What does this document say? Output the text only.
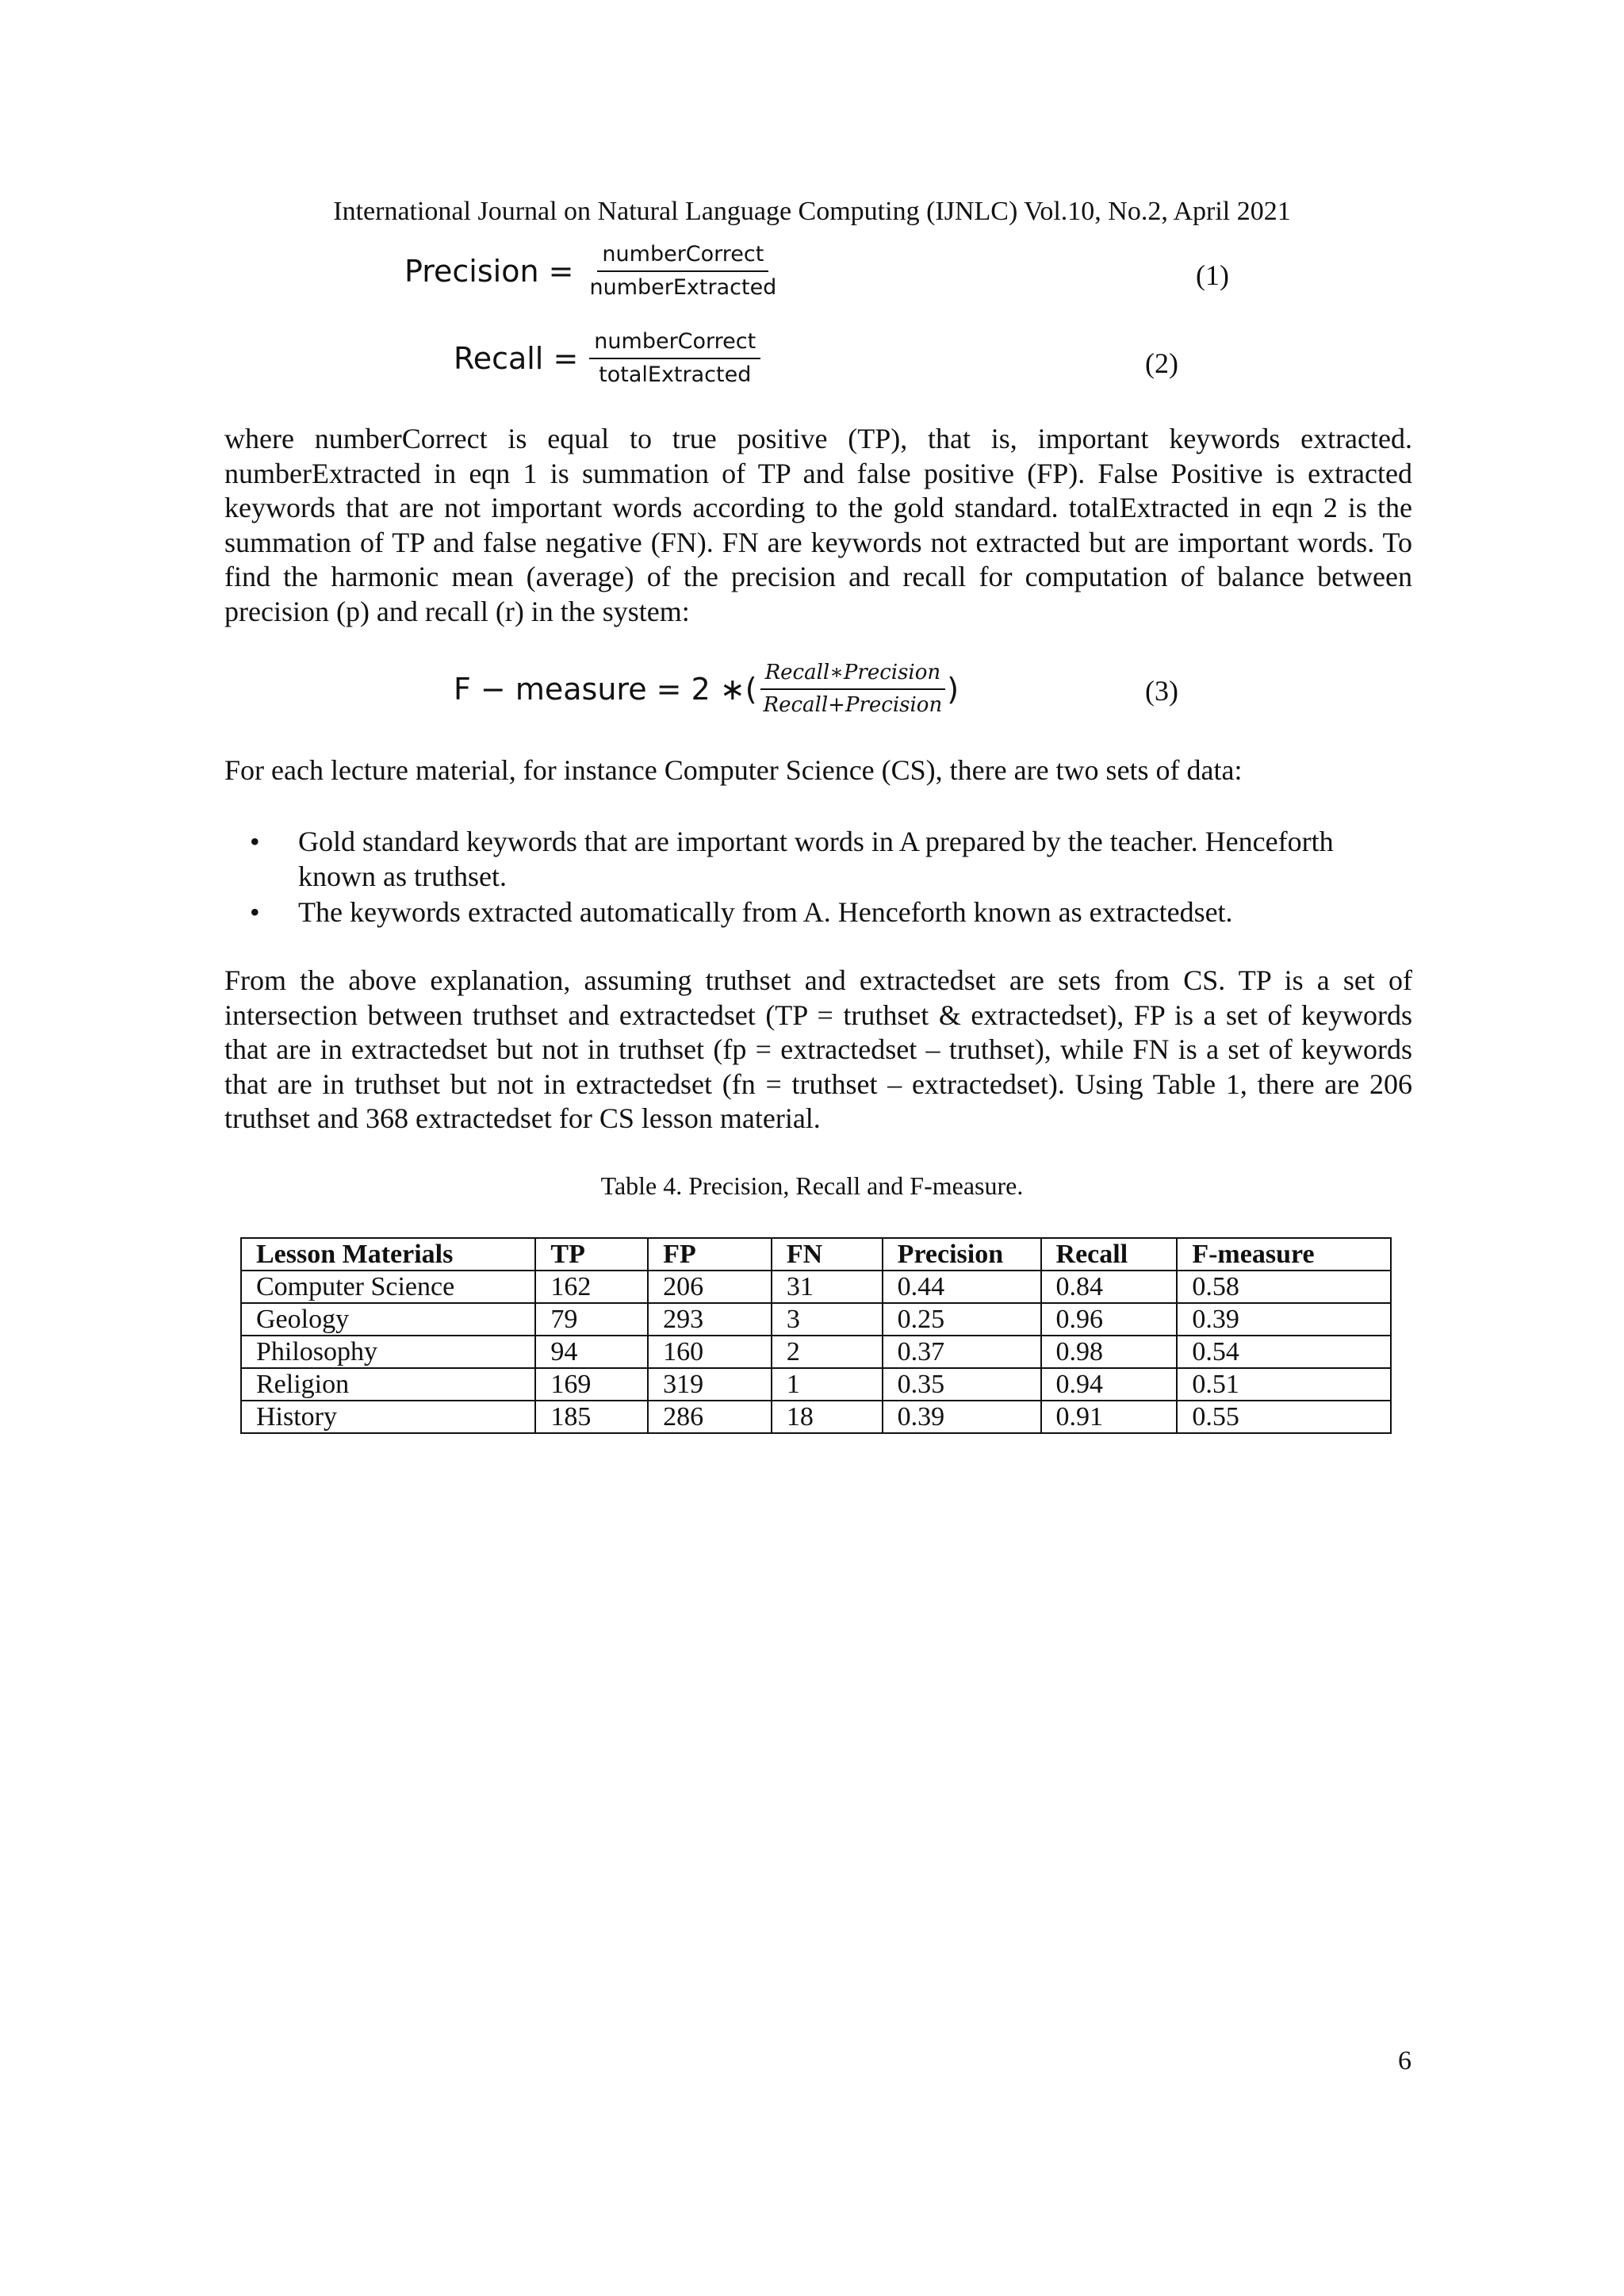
International Journal on Natural Language Computing (IJNLC) Vol.10, No.2, April 2021
Precision = $\frac{\text{numberCorrect}}{\text{numberExtracted}}$	(1)
Recall = $\frac{\text{numberCorrect}}{\text{totalExtracted}}$	(2)
where numberCorrect is equal to true positive (TP), that is, important keywords extracted. numberExtracted in eqn 1 is summation of TP and false positive (FP). False Positive is extracted keywords that are not important words according to the gold standard. totalExtracted in eqn 2 is the summation of TP and false negative (FN). FN are keywords not extracted but are important words. To find the harmonic mean (average) of the precision and recall for computation of balance between precision (p) and recall (r) in the system:
F − measure = 2 ∗ ( $\frac{\text{Recall∗Precision}}{\text{Recall+Precision}}$ )	(3)
For each lecture material, for instance Computer Science (CS), there are two sets of data:
• Gold standard keywords that are important words in A prepared by the teacher. Henceforth known as truthset.
• The keywords extracted automatically from A. Henceforth known as extractedset.
From the above explanation, assuming truthset and extractedset are sets from CS. TP is a set of intersection between truthset and extractedset (TP = truthset & extractedset), FP is a set of keywords that are in extractedset but not in truthset (fp = extractedset – truthset), while FN is a set of keywords that are in truthset but not in extractedset (fn = truthset – extractedset). Using Table 1, there are 206 truthset and 368 extractedset for CS lesson material.
Table 4. Precision, Recall and F-measure.
Lesson Materials	TP	FP	FN	Precision	Recall	F-measure
Computer Science	162	206	31	0.44	0.84	0.58
Geology	79	293	3	0.25	0.96	0.39
Philosophy	94	160	2	0.37	0.98	0.54
Religion	169	319	1	0.35	0.94	0.51
History	185	286	18	0.39	0.91	0.55
6
